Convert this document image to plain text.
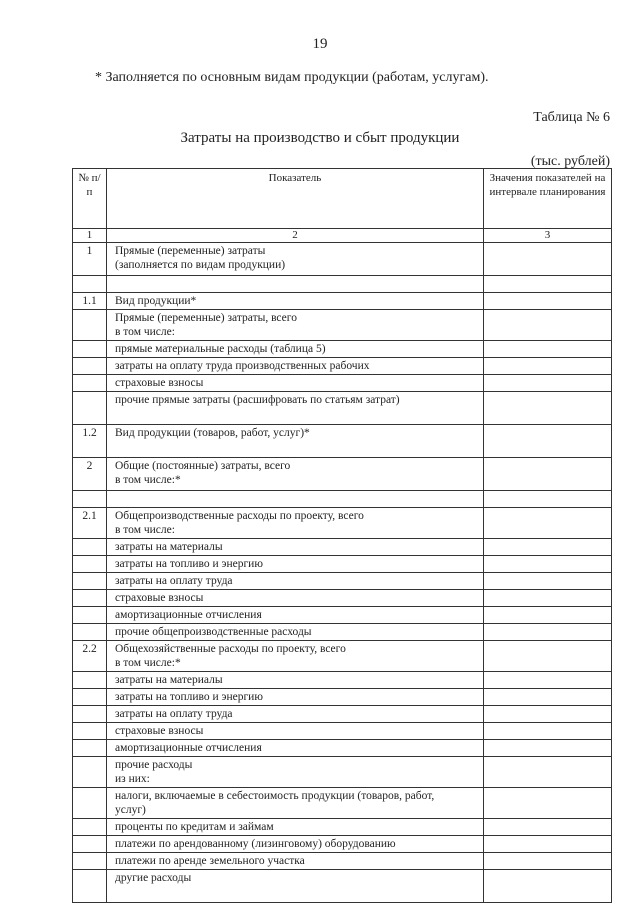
19
* Заполняется по основным видам продукции (работам, услугам).
Таблица № 6
Затраты на производство и сбыт продукции
(тыс. рублей)
№ п/п	Показатель	Значения показателей на интервале планирования
1	2	3
1	Прямые (переменные) затраты
(заполняется по видам продукции)	

1.1	Вид продукции*	
	Прямые (переменные) затраты, всего
в том числе:	
	прямые материальные расходы (таблица 5)	
	затраты на оплату труда производственных рабочих	
	страховые взносы	
	прочие прямые затраты (расшифровать по статьям затрат)	
1.2	Вид продукции (товаров, работ, услуг)*	
2	Общие (постоянные) затраты, всего
в том числе:*	

2.1	Общепроизводственные расходы по проекту, всего
в том числе:	
	затраты на материалы	
	затраты на топливо и энергию	
	затраты на оплату труда	
	страховые взносы	
	амортизационные отчисления	
	прочие общепроизводственные расходы	
2.2	Общехозяйственные расходы по проекту, всего
в том числе:*	
	затраты на материалы	
	затраты на топливо и энергию	
	затраты на оплату труда	
	страховые взносы	
	амортизационные отчисления	
	прочие расходы
из них:	
	налоги, включаемые в себестоимость продукции (товаров, работ,
услуг)	
	проценты по кредитам и займам	
	платежи по арендованному (лизинговому) оборудованию	
	платежи по аренде земельного участка	
	другие расходы	
